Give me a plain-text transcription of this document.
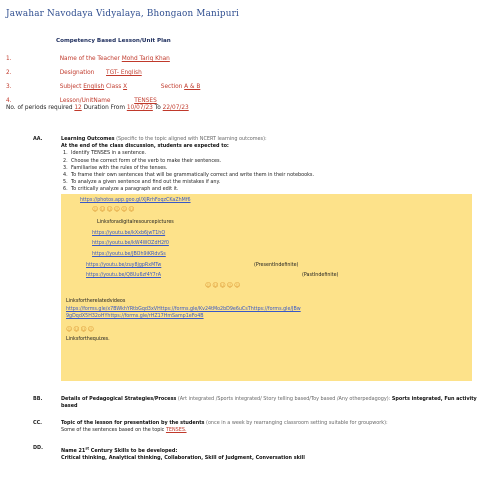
Jawahar Navodaya Vidyalaya, Bhongaon Manipuri
Competency Based Lesson/Unit Plan
1.	Name of the Teacher Mohd Tariq Khan
2.	Designation TGT- English
3.	Subject English Class X	Section A & B
4.	Lesson/UnitName	TENSES
No. of periods required 12 Duration From 10/07/23 To 22/07/23
AA.	Learning Outcomes (Specific to the topic aligned with NCERT learning outcomes):
At the end of the class discussion, students are expected to:
1. Identify TENSES in a sentence.
2. Choose the correct form of the verb to make their sentences.
3. Familiarise with the rules of the tenses.
4. To frame their own sentences that will be grammatically correct and write them in their notebooks.
5. To analyze a given sentence and find out the mistakes if any.
6. To critically analyze a paragraph and edit it.
https://photos.app.goo.gl/XJRrhFoqzCKaZhMf6
☺☺☺☺☺☺
Linksforadigitalresourcepictures
https://youtu.be/kXxb6jwT1hQ
https://youtu.be/kW4WOZdH2f0
https://youtu.be/JBOh9iKRdvSs
https://youtu.be/zuy8jgpRxMTw	(PresentIndefinite)
https://youtu.be/Q8Uu6zf4Y7rA	(PastIndefinite)
☺☺☺☺☺
Linksfortherelatedvideos
https://forms.gle/x7BWkhYRtbGqd3xVHttps://forms.gle/Kv24tMo2bD9e6uCsThttps://forms.gle/JBw
9gDqdX5H32oHYhttps://forms.gle/rHZ17HmSamp1eFo4B
☺☺☺☺
Linksforthequizes.
BB.	Details of Pedagogical Strategies/Process (Art integrated /Sports integrated/ Story telling based/Toy based /Any otherpedagogy): Sports integrated, Fun activity based
CC.	Topic of the lesson for presentation by the students (once in a week by rearranging classroom setting suitable for groupwork):
Some of the sentences based on the topic TENSES.
DD.	Name 21st Century Skills to be developed:
Critical thinking, Analytical thinking, Collaboration, Skill of Judgment, Conversation skill
